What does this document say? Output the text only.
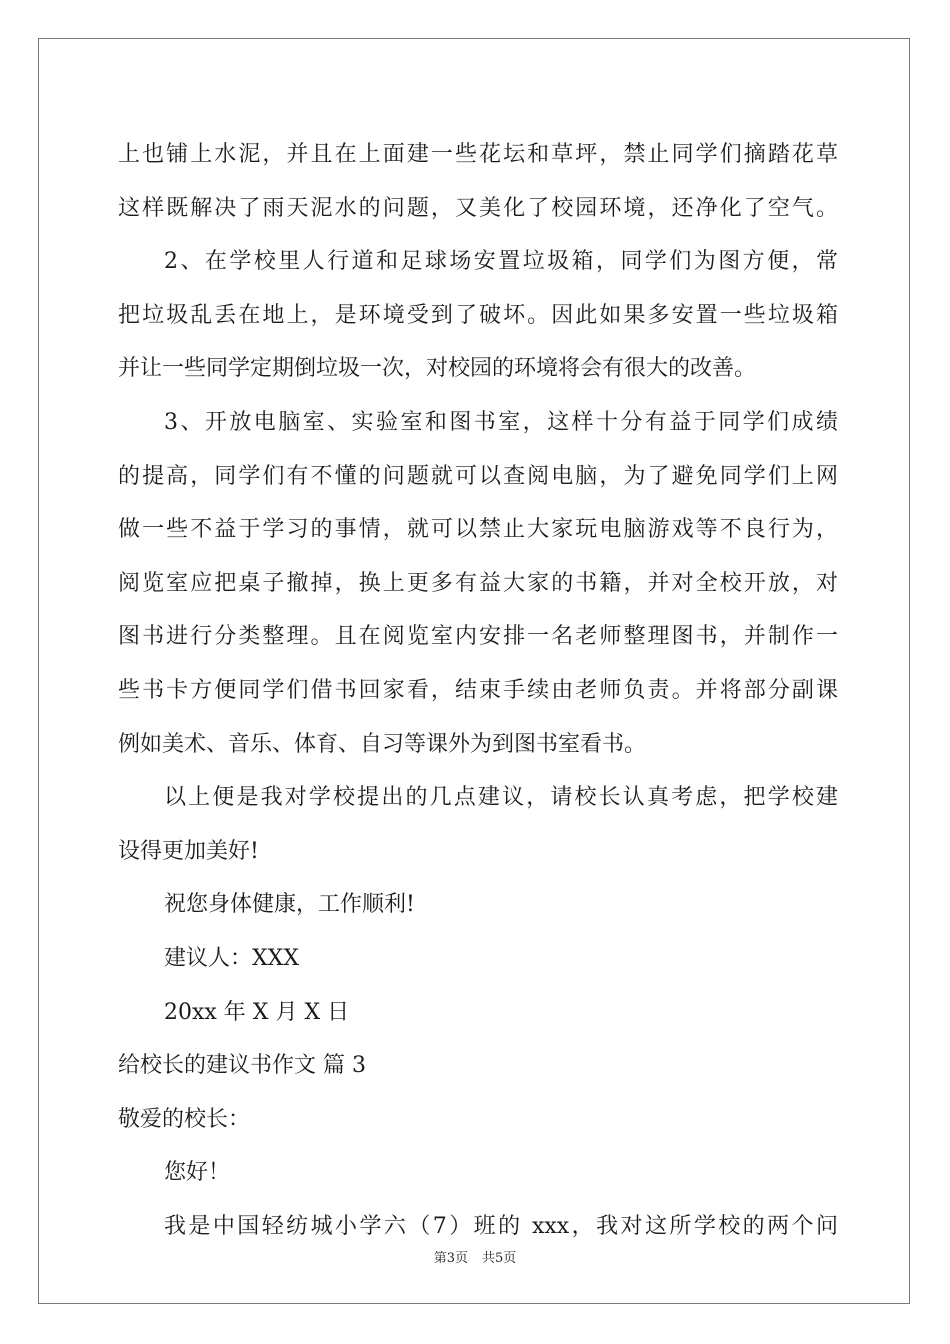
上也铺上水泥，并且在上面建一些花坛和草坪，禁止同学们摘踏花草
这样既解决了雨天泥水的问题，又美化了校园环境，还净化了空气。
2、在学校里人行道和足球场安置垃圾箱，同学们为图方便，常
把垃圾乱丢在地上，是环境受到了破坏。因此如果多安置一些垃圾箱
并让一些同学定期倒垃圾一次，对校园的环境将会有很大的改善。
3、开放电脑室、实验室和图书室，这样十分有益于同学们成绩
的提高，同学们有不懂的问题就可以查阅电脑，为了避免同学们上网
做一些不益于学习的事情，就可以禁止大家玩电脑游戏等不良行为，
阅览室应把桌子撤掉，换上更多有益大家的书籍，并对全校开放，对
图书进行分类整理。且在阅览室内安排一名老师整理图书，并制作一
些书卡方便同学们借书回家看，结束手续由老师负责。并将部分副课
例如美术、音乐、体育、自习等课外为到图书室看书。
以上便是我对学校提出的几点建议，请校长认真考虑，把学校建
设得更加美好!
祝您身体健康，工作顺利!
建议人：XXX
20xx 年 X 月 X 日
给校长的建议书作文 篇 3
敬爱的校长：
您好！
我是中国轻纺城小学六（7）班的 xxx，我对这所学校的两个问
第3页 共5页
